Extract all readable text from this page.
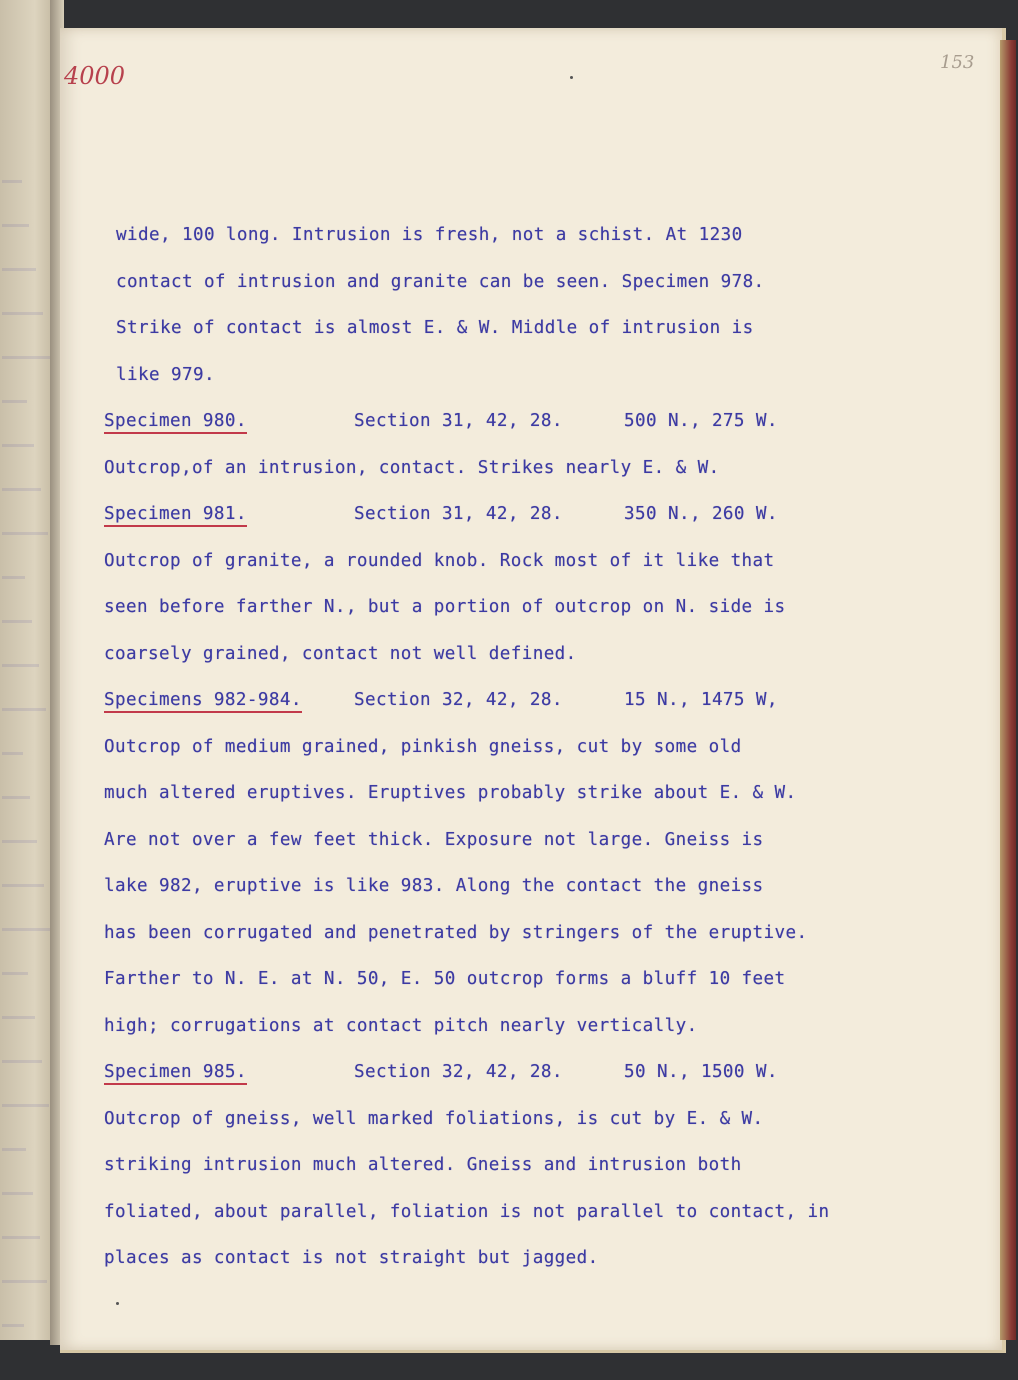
4000	153
wide, 100 long. Intrusion is fresh, not a schist. At 1230
contact of intrusion and granite can be seen. Specimen 978.
Strike of contact is almost E. & W. Middle of intrusion is
like 979.
Specimen 980.	Section 31, 42, 28.	500 N., 275 W.
Outcrop,of an intrusion, contact. Strikes nearly E. & W.
Specimen 981.	Section 31, 42, 28.	350 N., 260 W.
Outcrop of granite, a rounded knob. Rock most of it like that
seen before farther N., but a portion of outcrop on N. side is
coarsely grained, contact not well defined.
Specimens 982-984.	Section 32, 42, 28.	15 N., 1475 W,
Outcrop of medium grained, pinkish gneiss, cut by some old
much altered eruptives. Eruptives probably strike about E. & W.
Are not over a few feet thick. Exposure not large. Gneiss is
lake 982, eruptive is like 983. Along the contact the gneiss
has been corrugated and penetrated by stringers of the eruptive.
Farther to N. E. at N. 50, E. 50 outcrop forms a bluff 10 feet
high; corrugations at contact pitch nearly vertically.
Specimen 985.	Section 32, 42, 28.	50 N., 1500 W.
Outcrop of gneiss, well marked foliations, is cut by E. & W.
striking intrusion much altered. Gneiss and intrusion both
foliated, about parallel, foliation is not parallel to contact, in
places as contact is not straight but jagged.
